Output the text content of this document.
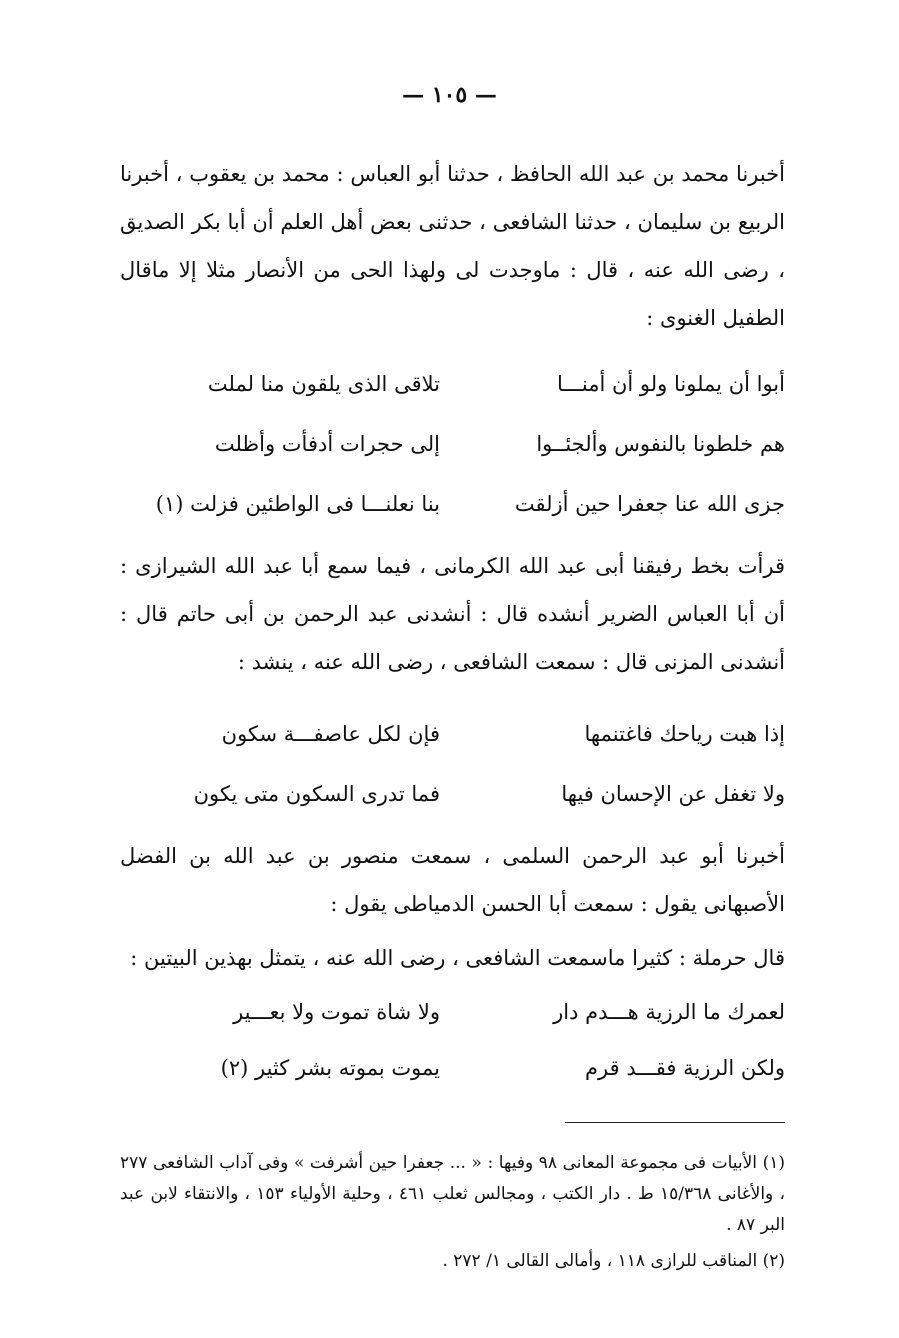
— ١٠٥ —

أخبرنا محمد بن عبد الله الحافظ ، حدثنا أبو العباس : محمد بن يعقوب ، أخبرنا الربيع بن سليمان ، حدثنا الشافعى ، حدثنى بعض أهل العلم أن أبا بكر الصديق ، رضى الله عنه ، قال : ماوجدت لى ولهذا الحى من الأنصار مثلا إلا ماقال الطفيل الغنوى :

أبوا أن يملونا ولو أن أمنـــا
تلاقى الذى يلقون منا لملت
هم خلطونا بالنفوس وألجئــوا
إلى حجرات أدفأت وأظلت
جزى الله عنا جعفرا حين أزلقت
بنا نعلنـــا فى الواطئين فزلت (١)

قرأت بخط رفيقنا أبى عبد الله الكرمانى ، فيما سمع أبا عبد الله الشيرازى : أن أبا العباس الضرير أنشده قال : أنشدنى عبد الرحمن بن أبى حاتم قال : أنشدنى المزنى قال : سمعت الشافعى ، رضى الله عنه ، ينشد :

إذا هبت رياحك فاغتنمها
فإن لكل عاصفـــة سكون
ولا تغفل عن الإحسان فيها
فما تدرى السكون متى يكون

أخبرنا أبو عبد الرحمن السلمى ، سمعت منصور بن عبد الله بن الفضل الأصبهانى يقول : سمعت أبا الحسن الدمياطى يقول :

قال حرملة : كثيرا ماسمعت الشافعى ، رضى الله عنه ، يتمثل بهذين البيتين :

لعمرك ما الرزية هـــدم دار
ولا شاة تموت ولا بعـــير
ولكن الرزية فقـــد قرم
يموت بموته بشر كثير (٢)

(١) الأبيات فى مجموعة المعانى ٩٨ وفيها : « ... جعفرا حين أشرفت » وفى آداب الشافعى ٢٧٧ ، والأغانى ١٥/٣٦٨ ط . دار الكتب ، ومجالس ثعلب ٤٦١ ، وحلية الأولياء ١٥٣ ، والانتقاء لابن عبد البر ٨٧ .

(٢) المناقب للرازى ١١٨ ، وأمالى القالى ١/ ٢٧٢ .
